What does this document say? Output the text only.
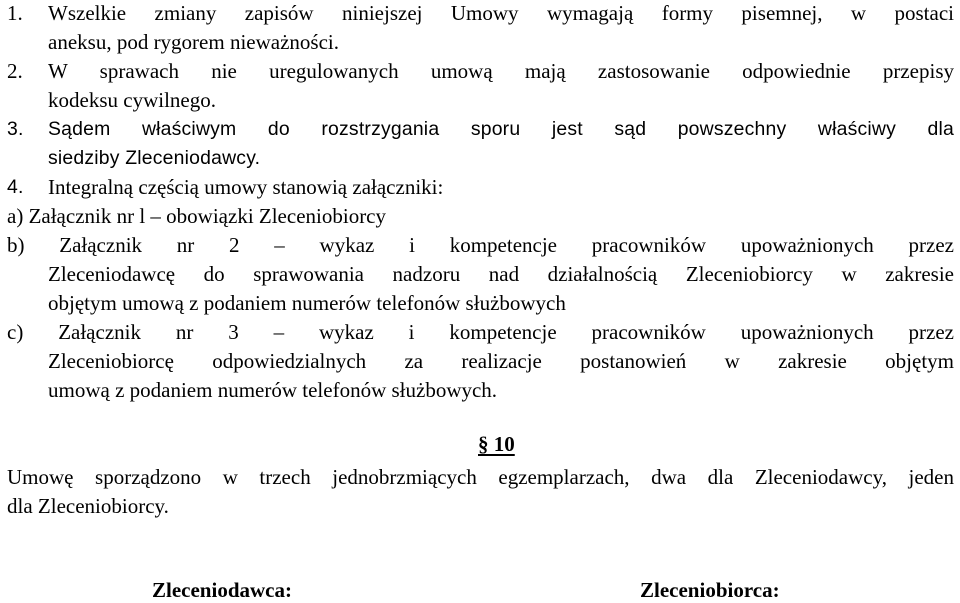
1. Wszelkie zmiany zapisów niniejszej Umowy wymagają formy pisemnej, w postaci
aneksu, pod rygorem nieważności.
2. W sprawach nie uregulowanych umową mają zastosowanie odpowiednie przepisy
kodeksu cywilnego.
3. Sądem właściwym do rozstrzygania sporu jest sąd powszechny właściwy dla
siedziby Zleceniodawcy.
4. Integralną częścią umowy stanowią załączniki:
a) Załącznik nr l – obowiązki Zleceniobiorcy
b) Załącznik nr 2 – wykaz i kompetencje pracowników upoważnionych przez
Zleceniodawcę do sprawowania nadzoru nad działalnością Zleceniobiorcy w zakresie
objętym umową z podaniem numerów telefonów służbowych
c) Załącznik nr 3 – wykaz i kompetencje pracowników upoważnionych przez
Zleceniobiorcę odpowiedzialnych za realizacje postanowień w zakresie objętym
umową z podaniem numerów telefonów służbowych.
§ 10
Umowę sporządzono w trzech jednobrzmiących egzemplarzach, dwa dla Zleceniodawcy, jeden
dla Zleceniobiorcy.
Zleceniodawca:	Zleceniobiorca:
